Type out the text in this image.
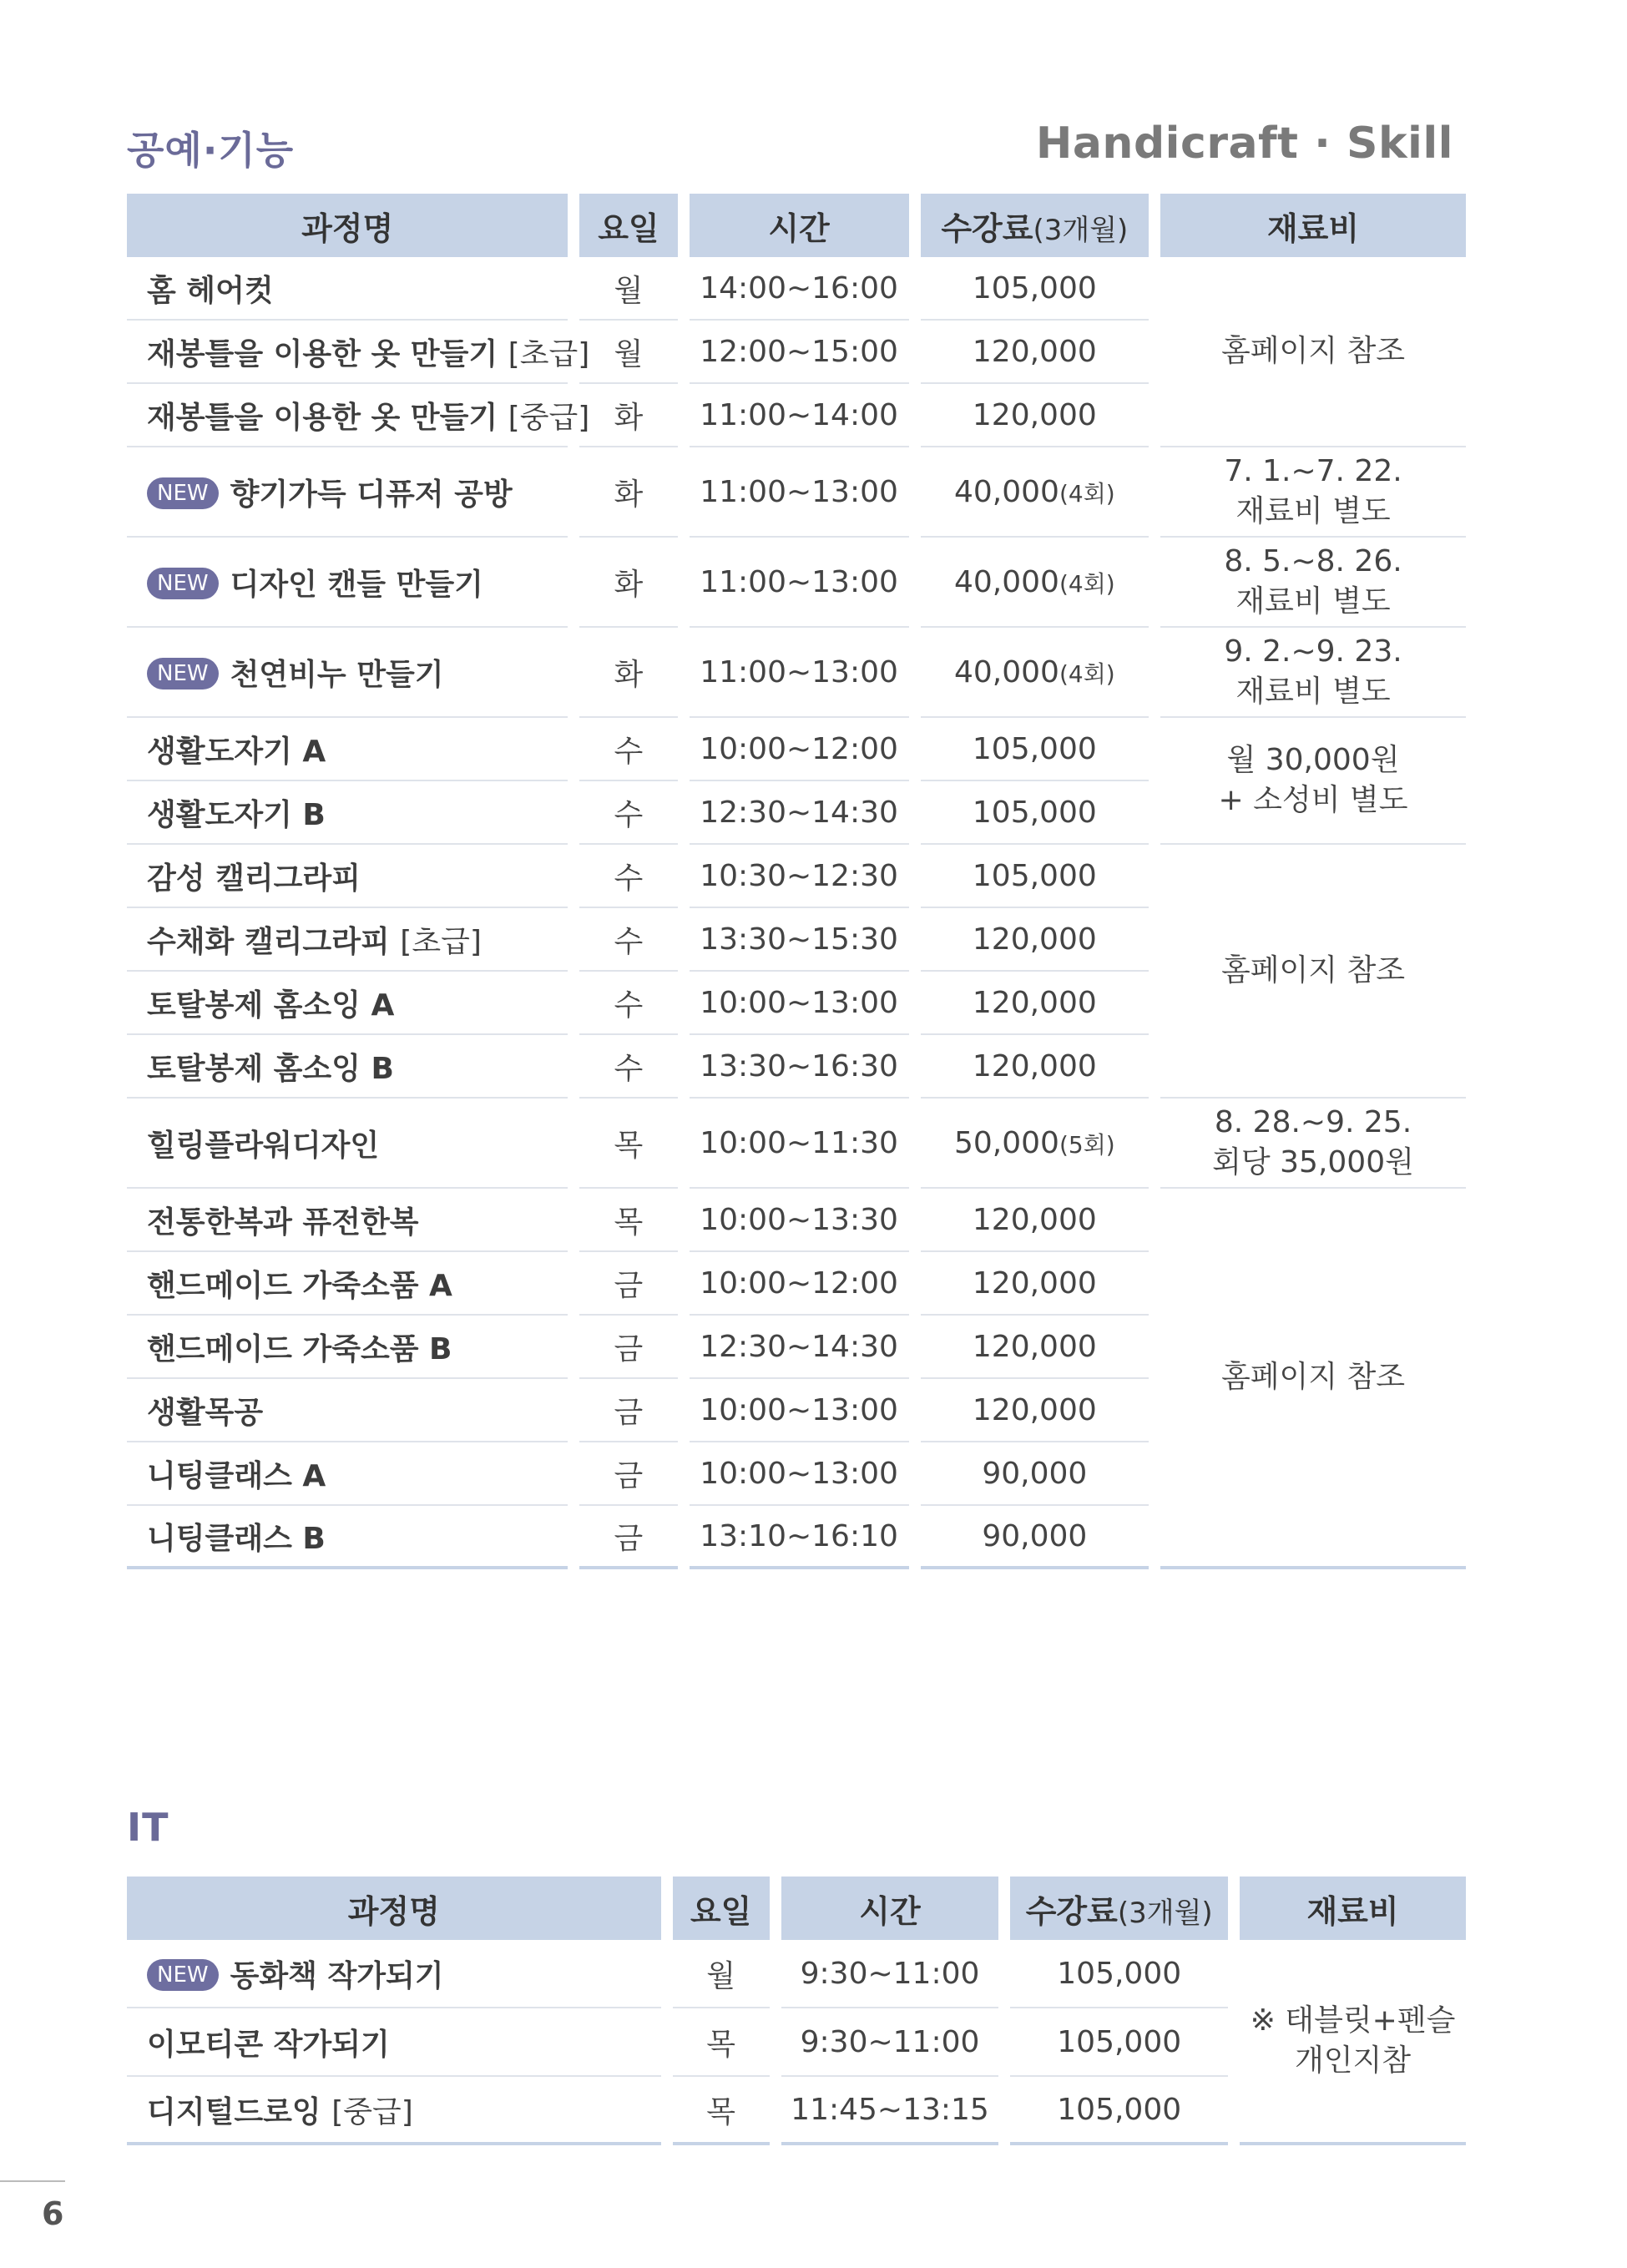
공예·기능	Handicraft · Skill
과정명	요일	시간	수강료(3개월)	재료비
홈 헤어컷	월	14:00~16:00	105,000	홈페이지 참조
재봉틀을 이용한 옷 만들기 [초급]	월	12:00~15:00	120,000	
재봉틀을 이용한 옷 만들기 [중급]	화	11:00~14:00	120,000	
NEW 향기가득 디퓨저 공방	화	11:00~13:00	40,000(4회)	7. 1.~7. 22.
재료비 별도

NEW 디자인 캔들 만들기	화	11:00~13:00	40,000(4회)	8. 5.~8. 26.
재료비 별도

NEW 천연비누 만들기	화	11:00~13:00	40,000(4회)	9. 2.~9. 23.
재료비 별도

생활도자기 A	수	10:00~12:00	105,000	월 30,000원
+ 소성비 별도

생활도자기 B	수	12:30~14:30	105,000	
감성 캘리그라피	수	10:30~12:30	105,000	홈페이지 참조
수채화 캘리그라피 [초급]	수	13:30~15:30	120,000	
토탈봉제 홈소잉 A	수	10:00~13:00	120,000	
토탈봉제 홈소잉 B	수	13:30~16:30	120,000	
힐링플라워디자인	목	10:00~11:30	50,000(5회)	8. 28.~9. 25.
회당 35,000원

전통한복과 퓨전한복	목	10:00~13:30	120,000	홈페이지 참조
핸드메이드 가죽소품 A	금	10:00~12:00	120,000	
핸드메이드 가죽소품 B	금	12:30~14:30	120,000	
생활목공	금	10:00~13:00	120,000	
니팅클래스 A	금	10:00~13:00	90,000	
니팅클래스 B	금	13:10~16:10	90,000	
IT
과정명	요일	시간	수강료(3개월)	재료비
NEW 동화책 작가되기	월	9:30~11:00	105,000	※ 태블릿+펜슬
개인지참

이모티콘 작가되기	목	9:30~11:00	105,000	
디지털드로잉 [중급]	목	11:45~13:15	105,000	
6
